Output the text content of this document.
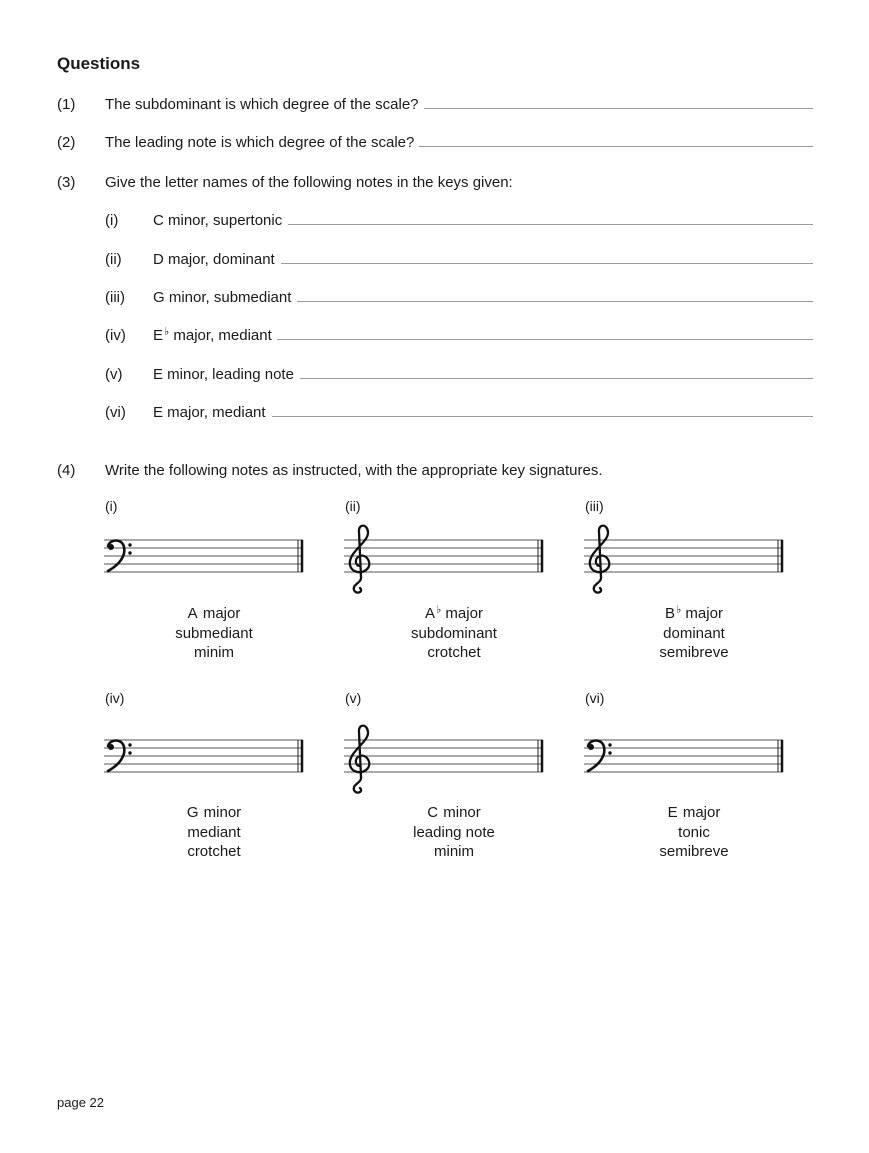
Questions
(1)	The subdominant is which degree of the scale?
(2)	The leading note is which degree of the scale?
(3)	Give the letter names of the following notes in the keys given:
(i)	C minor, supertonic
(ii)	D major, dominant
(iii)	G minor, submediant
(iv)	E♭ major, mediant
(v)	E minor, leading note
(vi)	E major, mediant
(4)	Write the following notes as instructed, with the appropriate key signatures.
(i)
A major
submediant
minim
(ii)
A♭ major
subdominant
crotchet
(iii)
B♭ major
dominant
semibreve
(iv)
G minor
mediant
crotchet
(v)
C minor
leading note
minim
(vi)
E major
tonic
semibreve
page 22
